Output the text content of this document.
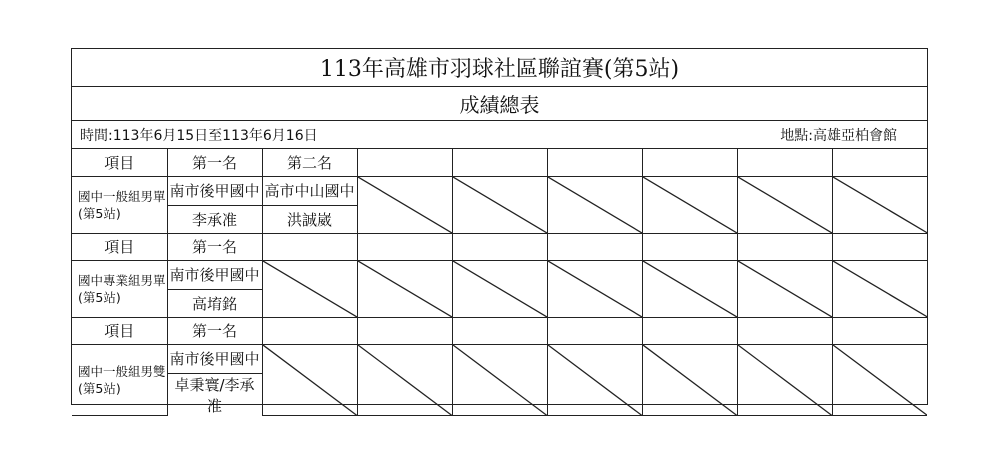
113年高雄市羽球社區聯誼賽(第5站)
成績總表
時間:113年6月15日至113年6月16日	地點:高雄亞柏會館
項目	第一名	第二名						
國中一般組男單(第5站)	南市後甲國中	高市中山國中	

	李承准	洪誠崴						
項目	第一名							
國中專業組男單(第5站)	南市後甲國中	

	高堉銘							
項目	第一名							
國中一般組男雙(第5站)	南市後甲國中	

	卓秉寰/李承准							
